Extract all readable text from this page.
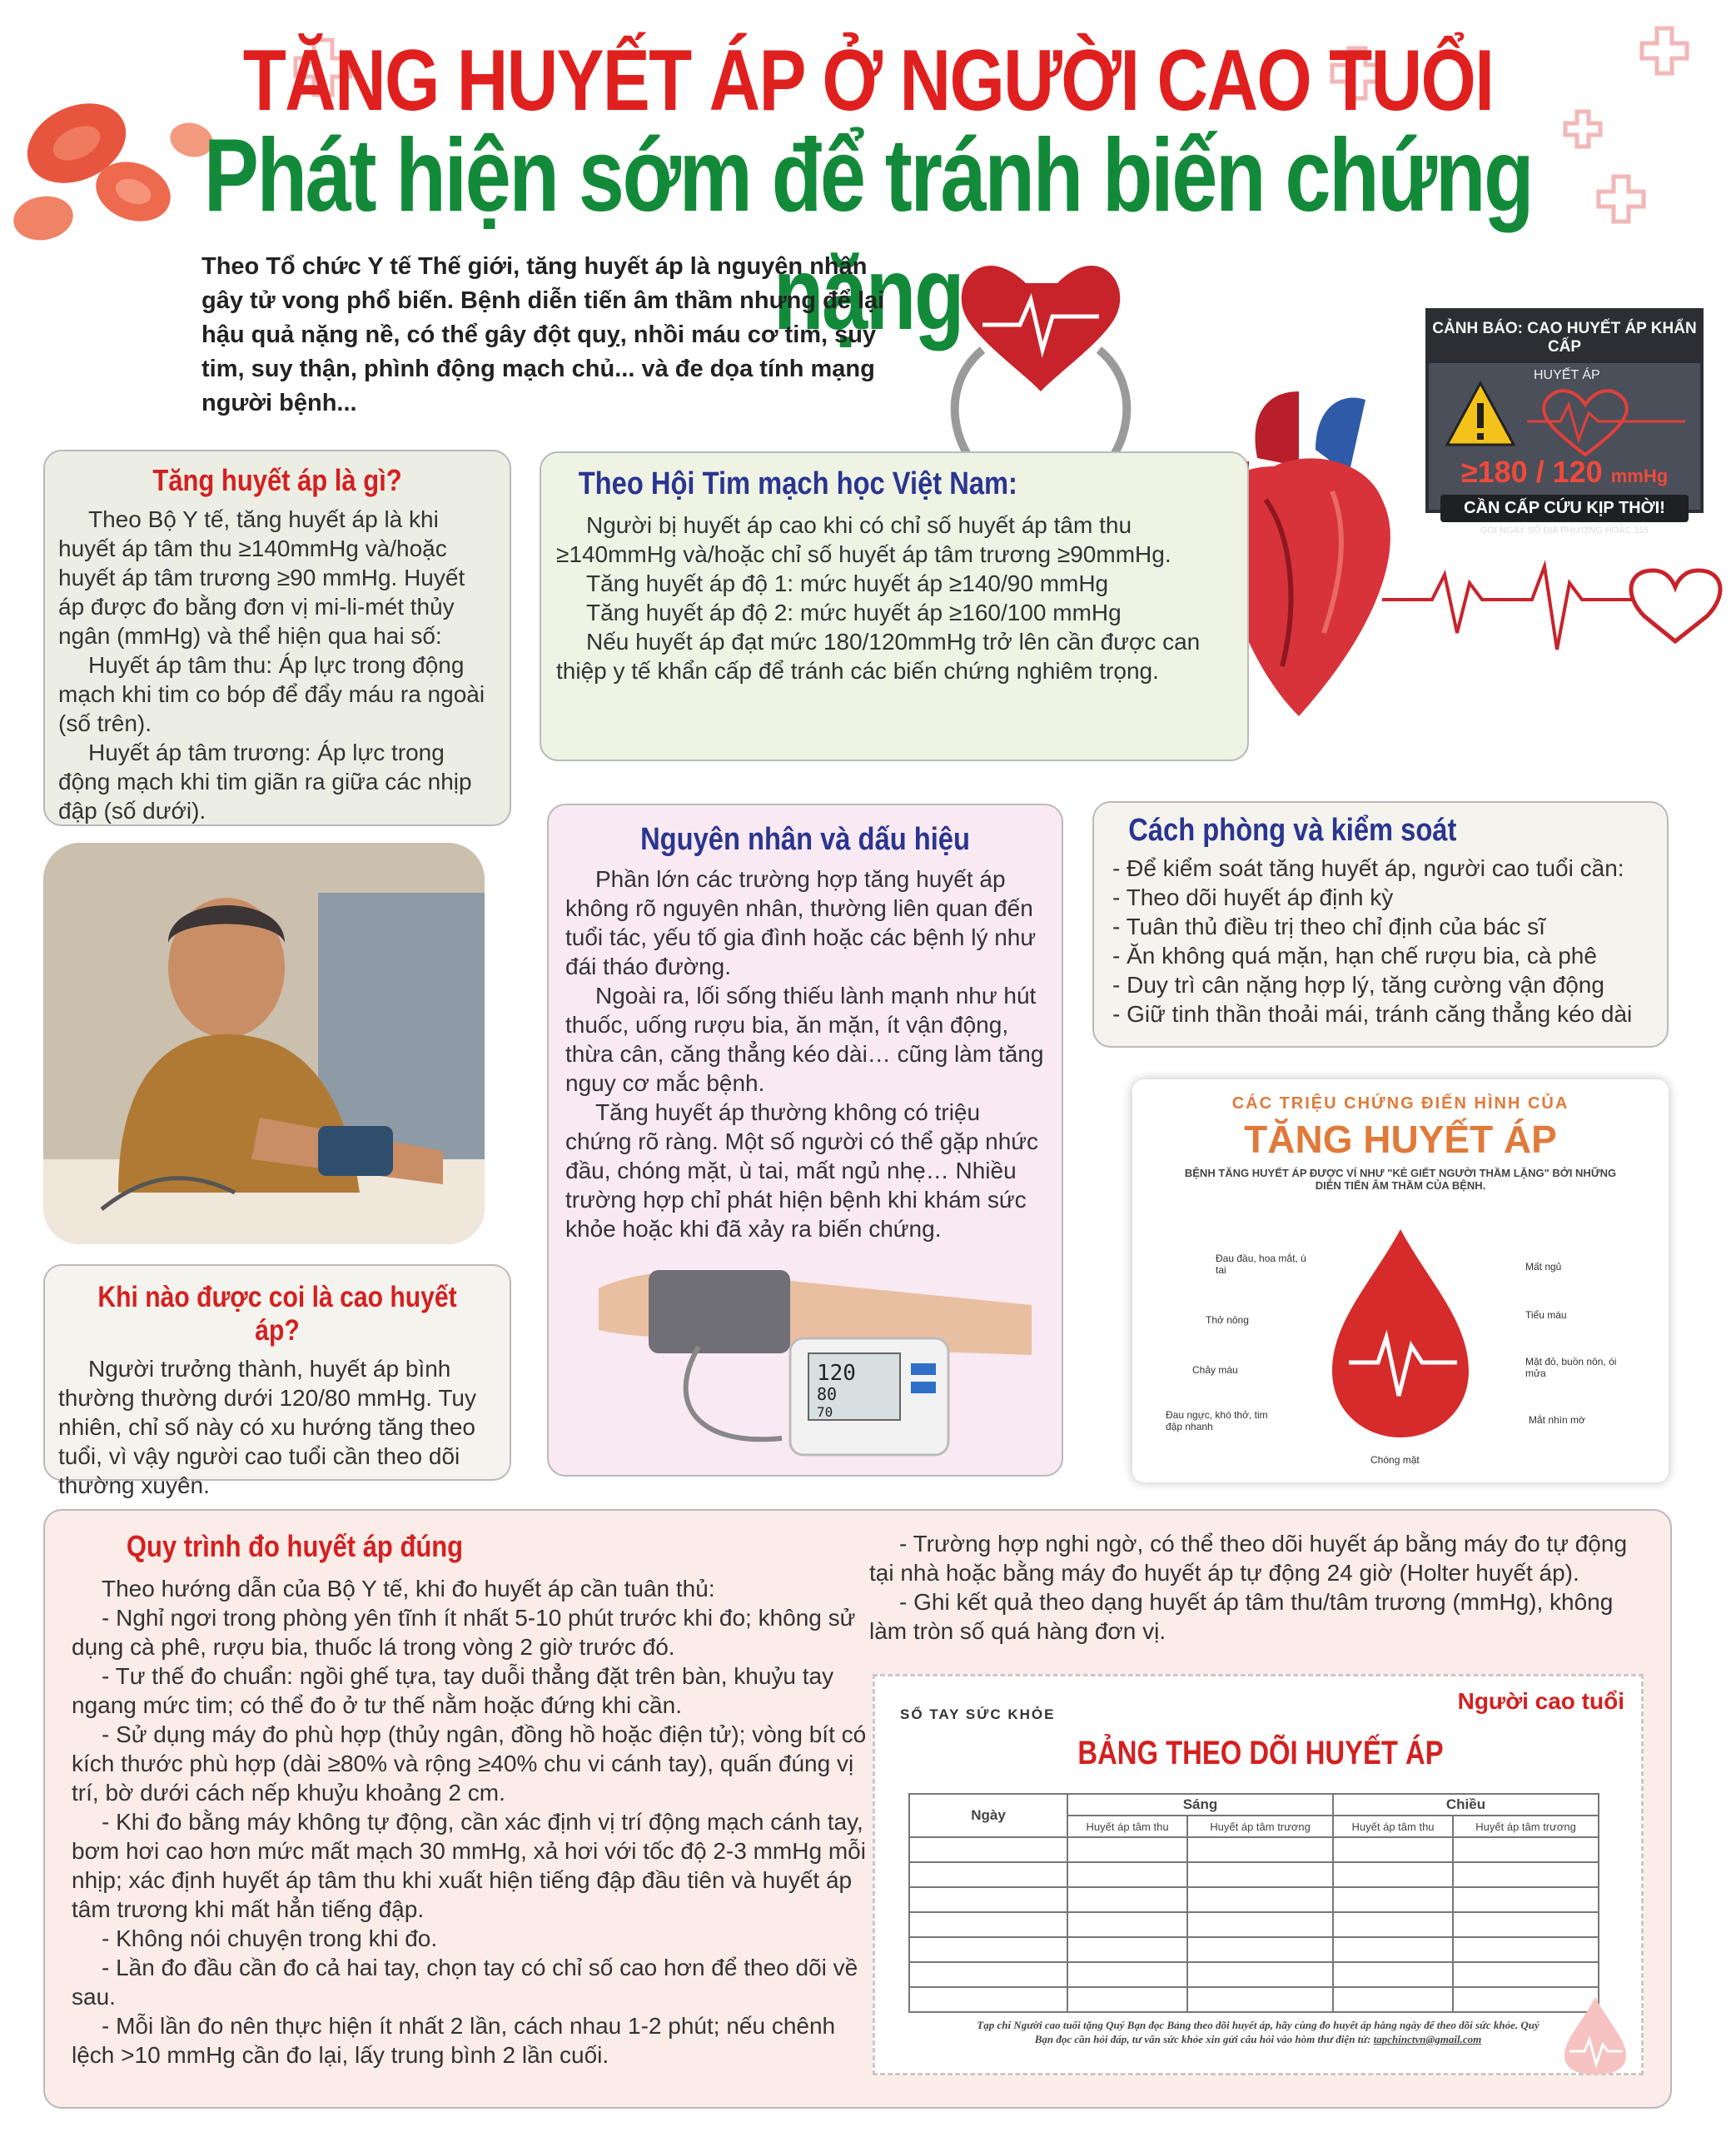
TĂNG HUYẾT ÁP Ở NGƯỜI CAO TUỔI
Phát hiện sớm để tránh biến chứng nặng
Theo Tổ chức Y tế Thế giới, tăng huyết áp là nguyên nhân gây tử vong phổ biến. Bệnh diễn tiến âm thầm nhưng để lại hậu quả nặng nề, có thể gây đột quỵ, nhồi máu cơ tim, suy tim, suy thận, phình động mạch chủ... và đe dọa tính mạng người bệnh...
CẢNH BÁO: CAO HUYẾT ÁP KHẨN CẤP
HUYẾT ÁP
≥180 / 120 mmHg
CẦN CẤP CỨU KỊP THỜI!
GỌI NGAY SỐ ĐỊA PHƯƠNG HOẶC 115
Tăng huyết áp là gì?

Theo Bộ Y tế, tăng huyết áp là khi huyết áp tâm thu ≥140mmHg và/hoặc huyết áp tâm trương ≥90 mmHg. Huyết áp được đo bằng đơn vị mi-li-mét thủy ngân (mmHg) và thể hiện qua hai số:

Huyết áp tâm thu: Áp lực trong động mạch khi tim co bóp để đẩy máu ra ngoài (số trên).

Huyết áp tâm trương: Áp lực trong động mạch khi tim giãn ra giữa các nhịp đập (số dưới).

Theo Hội Tim mạch học Việt Nam:

Người bị huyết áp cao khi có chỉ số huyết áp tâm thu ≥140mmHg và/hoặc chỉ số huyết áp tâm trương ≥90mmHg.

Tăng huyết áp độ 1: mức huyết áp ≥140/90 mmHg

Tăng huyết áp độ 2: mức huyết áp ≥160/100 mmHg

Nếu huyết áp đạt mức 180/120mmHg trở lên cần được can thiệp y tế khẩn cấp để tránh các biến chứng nghiêm trọng.

Nguyên nhân và dấu hiệu

Phần lớn các trường hợp tăng huyết áp không rõ nguyên nhân, thường liên quan đến tuổi tác, yếu tố gia đình hoặc các bệnh lý như đái tháo đường.

Ngoài ra, lối sống thiếu lành mạnh như hút thuốc, uống rượu bia, ăn mặn, ít vận động, thừa cân, căng thẳng kéo dài… cũng làm tăng nguy cơ mắc bệnh.

Tăng huyết áp thường không có triệu chứng rõ ràng. Một số người có thể gặp nhức đầu, chóng mặt, ù tai, mất ngủ nhẹ… Nhiều trường hợp chỉ phát hiện bệnh khi khám sức khỏe hoặc khi đã xảy ra biến chứng.

120
80
70
Cách phòng và kiểm soát
- Để kiểm soát tăng huyết áp, người cao tuổi cần:
- Theo dõi huyết áp định kỳ
- Tuân thủ điều trị theo chỉ định của bác sĩ
- Ăn không quá mặn, hạn chế rượu bia, cà phê
- Duy trì cân nặng hợp lý, tăng cường vận động
- Giữ tinh thần thoải mái, tránh căng thẳng kéo dài
CÁC TRIỆU CHỨNG ĐIỂN HÌNH CỦA
TĂNG HUYẾT ÁP
BỆNH TĂNG HUYẾT ÁP ĐƯỢC VÍ NHƯ "KẺ GIẾT NGƯỜI THẦM LẶNG" BỞI NHỮNG DIỄN TIẾN ÂM THẦM CỦA BỆNH.
Đau đầu, hoa mắt, ù tai	Mất ngủ
Thở nông	Tiểu máu
Chảy máu
Mặt đỏ, buồn nôn, ói mửa
Đau ngực, khó thở, tim đập nhanh
Mắt nhìn mờ
Chóng mặt
Khi nào được coi là cao huyết áp?

Người trưởng thành, huyết áp bình thường thường dưới 120/80 mmHg. Tuy nhiên, chỉ số này có xu hướng tăng theo tuổi, vì vậy người cao tuổi cần theo dõi thường xuyên.

Quy trình đo huyết áp đúng

Theo hướng dẫn của Bộ Y tế, khi đo huyết áp cần tuân thủ:

- Nghỉ ngơi trong phòng yên tĩnh ít nhất 5-10 phút trước khi đo; không sử dụng cà phê, rượu bia, thuốc lá trong vòng 2 giờ trước đó.

- Tư thế đo chuẩn: ngồi ghế tựa, tay duỗi thẳng đặt trên bàn, khuỷu tay ngang mức tim; có thể đo ở tư thế nằm hoặc đứng khi cần.

- Sử dụng máy đo phù hợp (thủy ngân, đồng hồ hoặc điện tử); vòng bít có kích thước phù hợp (dài ≥80% và rộng ≥40% chu vi cánh tay), quấn đúng vị trí, bờ dưới cách nếp khuỷu khoảng 2 cm.

- Khi đo bằng máy không tự động, cần xác định vị trí động mạch cánh tay, bơm hơi cao hơn mức mất mạch 30 mmHg, xả hơi với tốc độ 2-3 mmHg mỗi nhịp; xác định huyết áp tâm thu khi xuất hiện tiếng đập đầu tiên và huyết áp tâm trương khi mất hẳn tiếng đập.

- Không nói chuyện trong khi đo.

- Lần đo đầu cần đo cả hai tay, chọn tay có chỉ số cao hơn để theo dõi về sau.

- Mỗi lần đo nên thực hiện ít nhất 2 lần, cách nhau 1-2 phút; nếu chênh lệch >10 mmHg cần đo lại, lấy trung bình 2 lần cuối.

- Trường hợp nghi ngờ, có thể theo dõi huyết áp bằng máy đo tự động tại nhà hoặc bằng máy đo huyết áp tự động 24 giờ (Holter huyết áp).

- Ghi kết quả theo dạng huyết áp tâm thu/tâm trương (mmHg), không làm tròn số quá hàng đơn vị.

SỔ TAY SỨC KHỎE
Người cao tuổi
BẢNG THEO DÕI HUYẾT ÁP
Ngày	Sáng		Chiều	
	Huyết áp tâm thu	Huyết áp tâm trương	Huyết áp tâm thu	Huyết áp tâm trương

Tạp chí Người cao tuổi tặng Quý Bạn đọc Bảng theo dõi huyết áp, hãy cùng đo huyết áp hằng ngày để theo dõi sức khỏe. Quý Bạn đọc cần hỏi đáp, tư vấn sức khỏe xin gửi câu hỏi vào hòm thư điện tử: tapchinctvn@gmail.com
